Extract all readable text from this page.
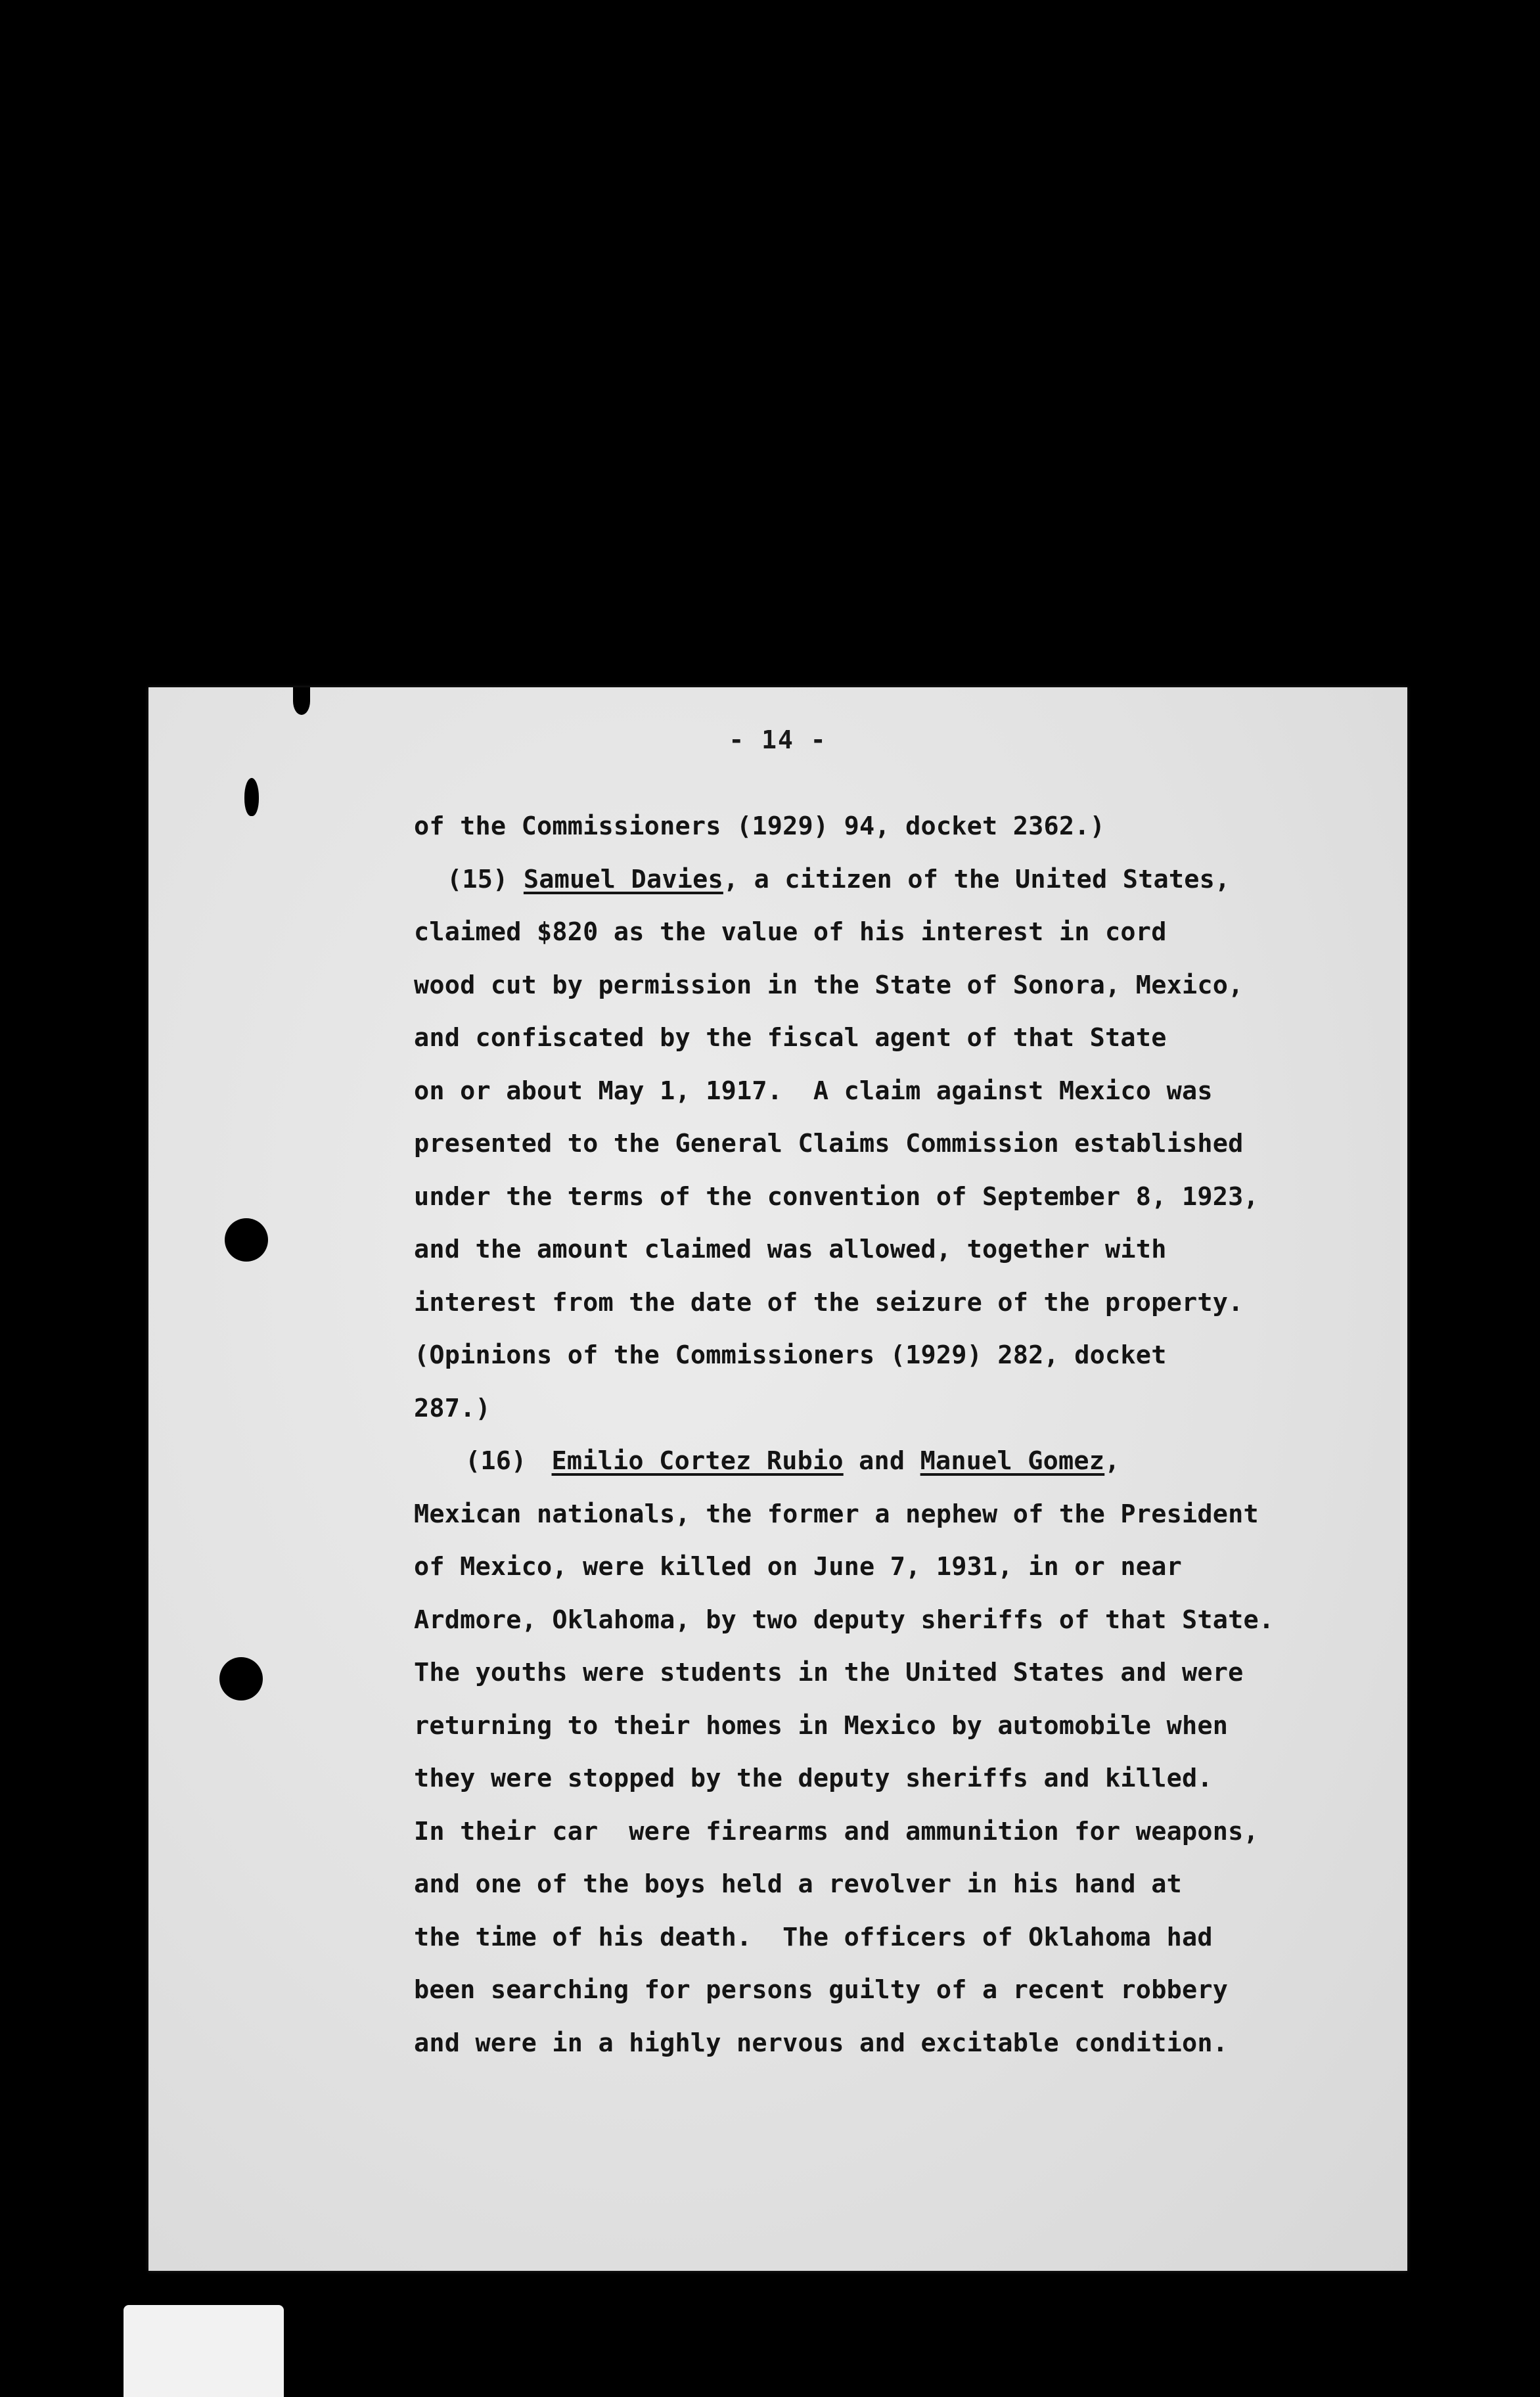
- 14 -
of the Commissioners (1929) 94, docket 2362.)
(15) Samuel Davies, a citizen of the United States,
claimed $820 as the value of his interest in cord
wood cut by permission in the State of Sonora, Mexico,
and confiscated by the fiscal agent of that State
on or about May 1, 1917.  A claim against Mexico was
presented to the General Claims Commission established
under the terms of the convention of September 8, 1923,
and the amount claimed was allowed, together with
interest from the date of the seizure of the property.
(Opinions of the Commissioners (1929) 282, docket
287.)
(16) Emilio Cortez Rubio and Manuel Gomez,
Mexican nationals, the former a nephew of the President
of Mexico, were killed on June 7, 1931, in or near
Ardmore, Oklahoma, by two deputy sheriffs of that State.
The youths were students in the United States and were
returning to their homes in Mexico by automobile when
they were stopped by the deputy sheriffs and killed.
In their car  were firearms and ammunition for weapons,
and one of the boys held a revolver in his hand at
the time of his death.  The officers of Oklahoma had
been searching for persons guilty of a recent robbery
and were in a highly nervous and excitable condition.
